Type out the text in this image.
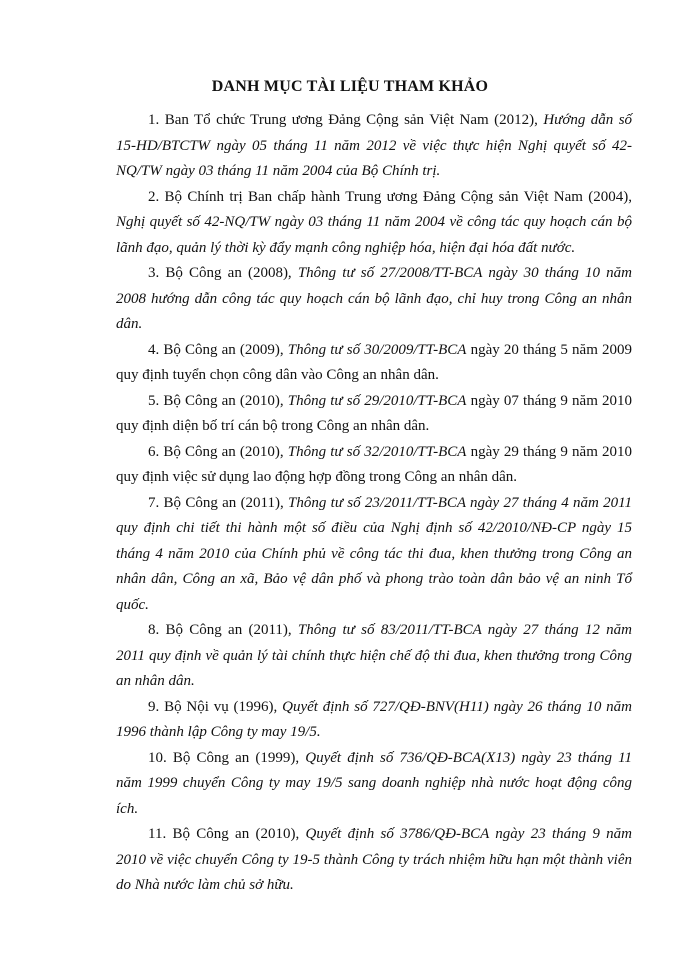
DANH MỤC TÀI LIỆU THAM KHẢO

1. Ban Tổ chức Trung ương Đảng Cộng sản Việt Nam (2012), Hướng dẫn số 15-HD/BTCTW ngày 05 tháng 11 năm 2012 về việc thực hiện Nghị quyết số 42-NQ/TW ngày 03 tháng 11 năm 2004 của Bộ Chính trị.

2. Bộ Chính trị Ban chấp hành Trung ương Đảng Cộng sản Việt Nam (2004), Nghị quyết số 42-NQ/TW ngày 03 tháng 11 năm 2004 về công tác quy hoạch cán bộ lãnh đạo, quản lý thời kỳ đẩy mạnh công nghiệp hóa, hiện đại hóa đất nước.

3. Bộ Công an (2008), Thông tư số 27/2008/TT-BCA ngày 30 tháng 10 năm 2008 hướng dẫn công tác quy hoạch cán bộ lãnh đạo, chỉ huy trong Công an nhân dân.

4. Bộ Công an (2009), Thông tư số 30/2009/TT-BCA ngày 20 tháng 5 năm 2009 quy định tuyển chọn công dân vào Công an nhân dân.

5. Bộ Công an (2010), Thông tư số 29/2010/TT-BCA ngày 07 tháng 9 năm 2010 quy định diện bố trí cán bộ trong Công an nhân dân.

6. Bộ Công an (2010), Thông tư số 32/2010/TT-BCA ngày 29 tháng 9 năm 2010 quy định việc sử dụng lao động hợp đồng trong Công an nhân dân.

7. Bộ Công an (2011), Thông tư số 23/2011/TT-BCA ngày 27 tháng 4 năm 2011 quy định chi tiết thi hành một số điều của Nghị định số 42/2010/NĐ-CP ngày 15 tháng 4 năm 2010 của Chính phủ về công tác thi đua, khen thưởng trong Công an nhân dân, Công an xã, Bảo vệ dân phố và phong trào toàn dân bảo vệ an ninh Tổ quốc.

8. Bộ Công an (2011), Thông tư số 83/2011/TT-BCA ngày 27 tháng 12 năm 2011 quy định về quản lý tài chính thực hiện chế độ thi đua, khen thưởng trong Công an nhân dân.

9. Bộ Nội vụ (1996), Quyết định số 727/QĐ-BNV(H11) ngày 26 tháng 10 năm 1996 thành lập Công ty may 19/5.

10. Bộ Công an (1999), Quyết định số 736/QĐ-BCA(X13) ngày 23 tháng 11 năm 1999 chuyển Công ty may 19/5 sang doanh nghiệp nhà nước hoạt động công ích.

11. Bộ Công an (2010), Quyết định số 3786/QĐ-BCA ngày 23 tháng 9 năm 2010 về việc chuyển Công ty 19-5 thành Công ty trách nhiệm hữu hạn một thành viên do Nhà nước làm chủ sở hữu.
